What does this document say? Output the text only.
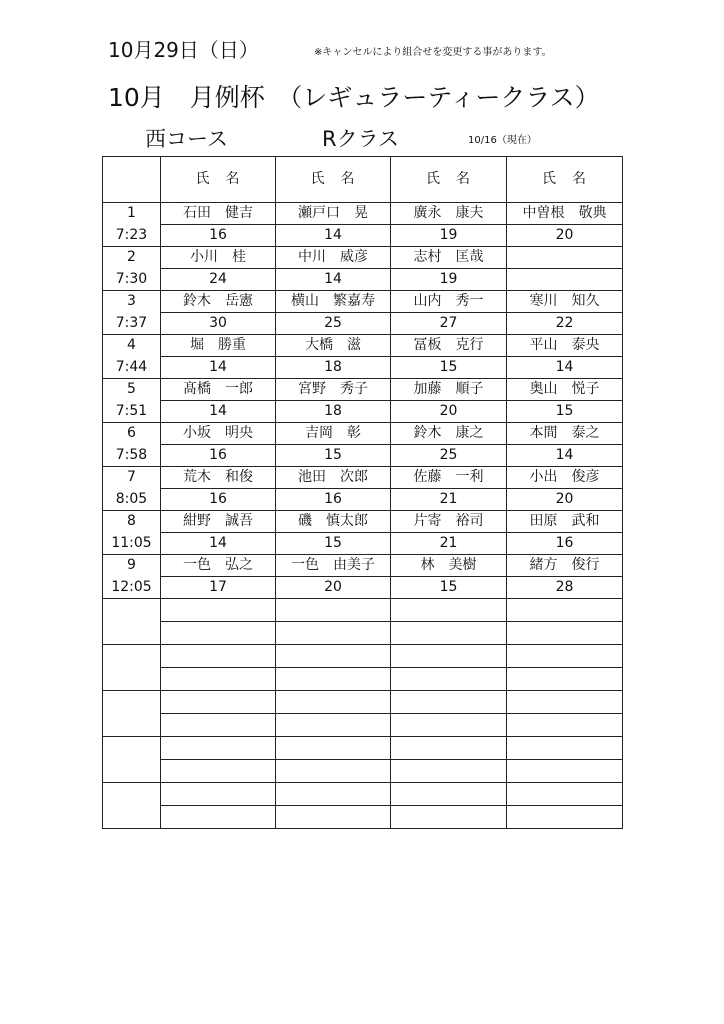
10月29日（日）	※キャンセルにより組合せを変更する事があります。
10月　月例杯　（レギュラーティークラス）
西コース	Rクラス	10/16（現在）
	氏　名	氏　名	氏　名	氏　名
1	石田　健吉	瀬戸口　晃	廣永　康夫	中曽根　敬典
7:23	16	14	19	20
2	小川　桂	中川　威彦	志村　匡哉	
7:30	24	14	19	
3	鈴木　岳憲	横山　繁嘉寿	山内　秀一	寒川　知久
7:37	30	25	27	22
4	堀　勝重	大橋　滋	冨板　克行	平山　泰央
7:44	14	18	15	14
5	髙橋　一郎	宮野　秀子	加藤　順子	奥山　悦子
7:51	14	18	20	15
6	小坂　明央	吉岡　彰	鈴木　康之	本間　泰之
7:58	16	15	25	14
7	荒木　和俊	池田　次郎	佐藤　一利	小出　俊彦
8:05	16	16	21	20
8	紺野　誠吾	磯　慎太郎	片寄　裕司	田原　武和
11:05	14	15	21	16
9	一色　弘之	一色　由美子	林　美樹	緒方　俊行
12:05	17	20	15	28
